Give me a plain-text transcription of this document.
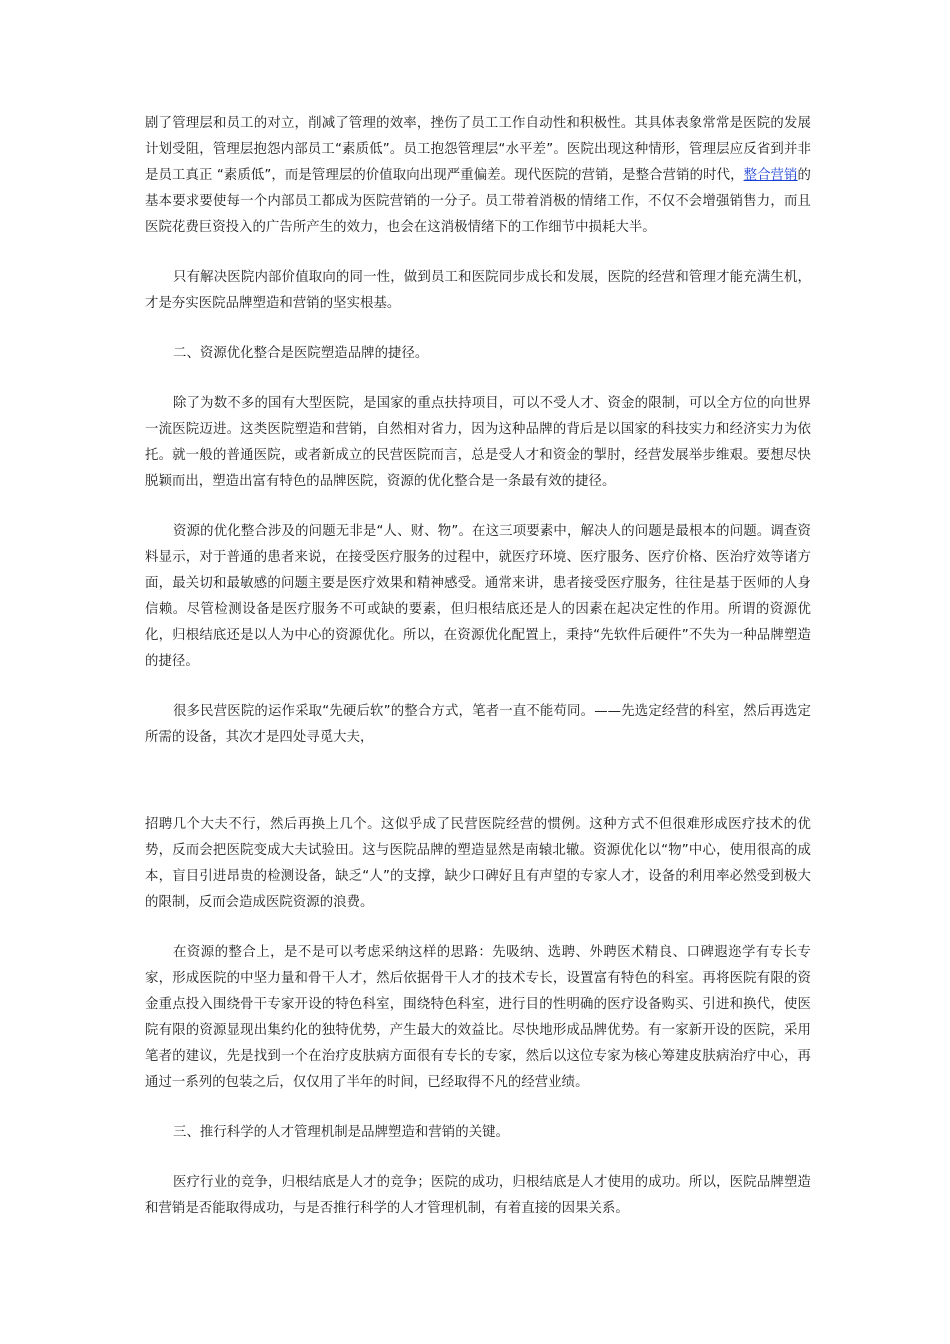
剧了管理层和员工的对立，削减了管理的效率，挫伤了员工工作自动性和积极性。其具体表象常常是医院的发展计划受阻，管理层抱怨内部员工“素质低”。员工抱怨管理层“水平差”。医院出现这种情形，管理层应反省到并非是员工真正 “素质低”，而是管理层的价值取向出现严重偏差。现代医院的营销，是整合营销的时代，整合营销的基本要求要使每一个内部员工都成为医院营销的一分子。员工带着消极的情绪工作，不仅不会增强销售力，而且医院花费巨资投入的广告所产生的效力，也会在这消极情绪下的工作细节中损耗大半。

只有解决医院内部价值取向的同一性，做到员工和医院同步成长和发展，医院的经营和管理才能充满生机，才是夯实医院品牌塑造和营销的坚实根基。

二、资源优化整合是医院塑造品牌的捷径。

除了为数不多的国有大型医院，是国家的重点扶持项目，可以不受人才、资金的限制，可以全方位的向世界一流医院迈进。这类医院塑造和营销，自然相对省力，因为这种品牌的背后是以国家的科技实力和经济实力为依托。就一般的普通医院，或者新成立的民营医院而言，总是受人才和资金的掣肘，经营发展举步维艰。要想尽快脱颖而出，塑造出富有特色的品牌医院，资源的优化整合是一条最有效的捷径。

资源的优化整合涉及的问题无非是“人、财、物”。在这三项要素中，解决人的问题是最根本的问题。调查资料显示，对于普通的患者来说，在接受医疗服务的过程中，就医疗环境、医疗服务、医疗价格、医治疗效等诸方面，最关切和最敏感的问题主要是医疗效果和精神感受。通常来讲，患者接受医疗服务，往往是基于医师的人身信赖。尽管检测设备是医疗服务不可或缺的要素，但归根结底还是人的因素在起决定性的作用。所谓的资源优化，归根结底还是以人为中心的资源优化。所以，在资源优化配置上，秉持“先软件后硬件”不失为一种品牌塑造的捷径。

很多民营医院的运作采取“先硬后软”的整合方式，笔者一直不能苟同。——先选定经营的科室，然后再选定所需的设备，其次才是四处寻觅大夫，

招聘几个大夫不行，然后再换上几个。这似乎成了民营医院经营的惯例。这种方式不但很难形成医疗技术的优势，反而会把医院变成大夫试验田。这与医院品牌的塑造显然是南辕北辙。资源优化以“物”中心，使用很高的成本，盲目引进昂贵的检测设备，缺乏“人”的支撑，缺少口碑好且有声望的专家人才，设备的利用率必然受到极大的限制，反而会造成医院资源的浪费。

在资源的整合上，是不是可以考虑采纳这样的思路：先吸纳、选聘、外聘医术精良、口碑遐迩学有专长专家，形成医院的中坚力量和骨干人才，然后依据骨干人才的技术专长，设置富有特色的科室。再将医院有限的资金重点投入围绕骨干专家开设的特色科室，围绕特色科室，进行目的性明确的医疗设备购买、引进和换代，使医院有限的资源显现出集约化的独特优势，产生最大的效益比。尽快地形成品牌优势。有一家新开设的医院，采用笔者的建议，先是找到一个在治疗皮肤病方面很有专长的专家，然后以这位专家为核心筹建皮肤病治疗中心，再通过一系列的包装之后，仅仅用了半年的时间，已经取得不凡的经营业绩。

三、推行科学的人才管理机制是品牌塑造和营销的关键。

医疗行业的竞争，归根结底是人才的竞争；医院的成功，归根结底是人才使用的成功。所以，医院品牌塑造和营销是否能取得成功，与是否推行科学的人才管理机制，有着直接的因果关系。
